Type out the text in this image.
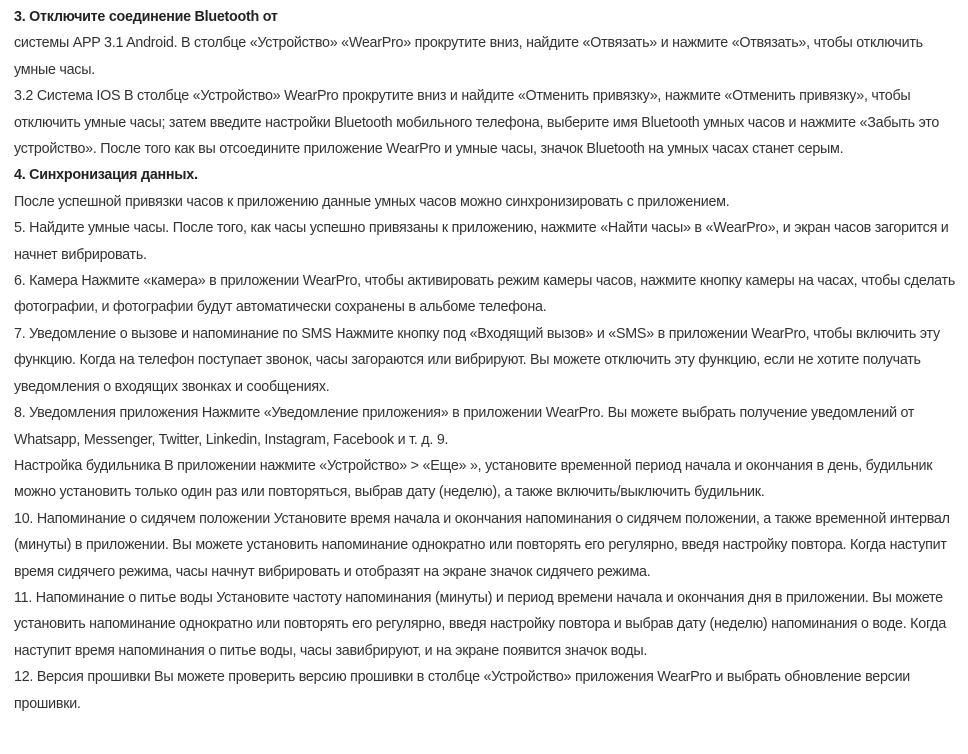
3. Отключите соединение Bluetooth от

системы APP 3.1 Android. В столбце «Устройство» «WearPro» прокрутите вниз, найдите «Отвязать» и нажмите «Отвязать», чтобы отключить умные часы.

3.2 Система IOS В столбце «Устройство» WearPro прокрутите вниз и найдите «Отменить привязку», нажмите «Отменить привязку», чтобы отключить умные часы; затем введите настройки Bluetooth мобильного телефона, выберите имя Bluetooth умных часов и нажмите «Забыть это устройство». После того как вы отсоедините приложение WearPro и умные часы, значок Bluetooth на умных часах станет серым.

4. Синхронизация данных.

После успешной привязки часов к приложению данные умных часов можно синхронизировать с приложением.

5. Найдите умные часы. После того, как часы успешно привязаны к приложению, нажмите «Найти часы» в «WearPro», и экран часов загорится и начнет вибрировать.

6. Камера Нажмите «камера» в приложении WearPro, чтобы активировать режим камеры часов, нажмите кнопку камеры на часах, чтобы сделать фотографии, и фотографии будут автоматически сохранены в альбоме телефона.

7. Уведомление о вызове и напоминание по SMS Нажмите кнопку под «Входящий вызов» и «SMS» в приложении WearPro, чтобы включить эту функцию. Когда на телефон поступает звонок, часы загораются или вибрируют. Вы можете отключить эту функцию, если не хотите получать уведомления о входящих звонках и сообщениях.

8. Уведомления приложения Нажмите «Уведомление приложения» в приложении WearPro. Вы можете выбрать получение уведомлений от Whatsapp, Messenger, Twitter, Linkedin, Instagram, Facebook и т. д. 9.

Настройка будильника В приложении нажмите «Устройство» > «Еще» », установите временной период начала и окончания в день, будильник можно установить только один раз или повторяться, выбрав дату (неделю), а также включить/выключить будильник.

10. Напоминание о сидячем положении Установите время начала и окончания напоминания о сидячем положении, а также временной интервал (минуты) в приложении. Вы можете установить напоминание однократно или повторять его регулярно, введя настройку повтора. Когда наступит время сидячего режима, часы начнут вибрировать и отобразят на экране значок сидячего режима.

11. Напоминание о питье воды Установите частоту напоминания (минуты) и период времени начала и окончания дня в приложении. Вы можете установить напоминание однократно или повторять его регулярно, введя настройку повтора и выбрав дату (неделю) напоминания о воде. Когда наступит время напоминания о питье воды, часы завибрируют, и на экране появится значок воды.

12. Версия прошивки Вы можете проверить версию прошивки в столбце «Устройство» приложения WearPro и выбрать обновление версии прошивки.
